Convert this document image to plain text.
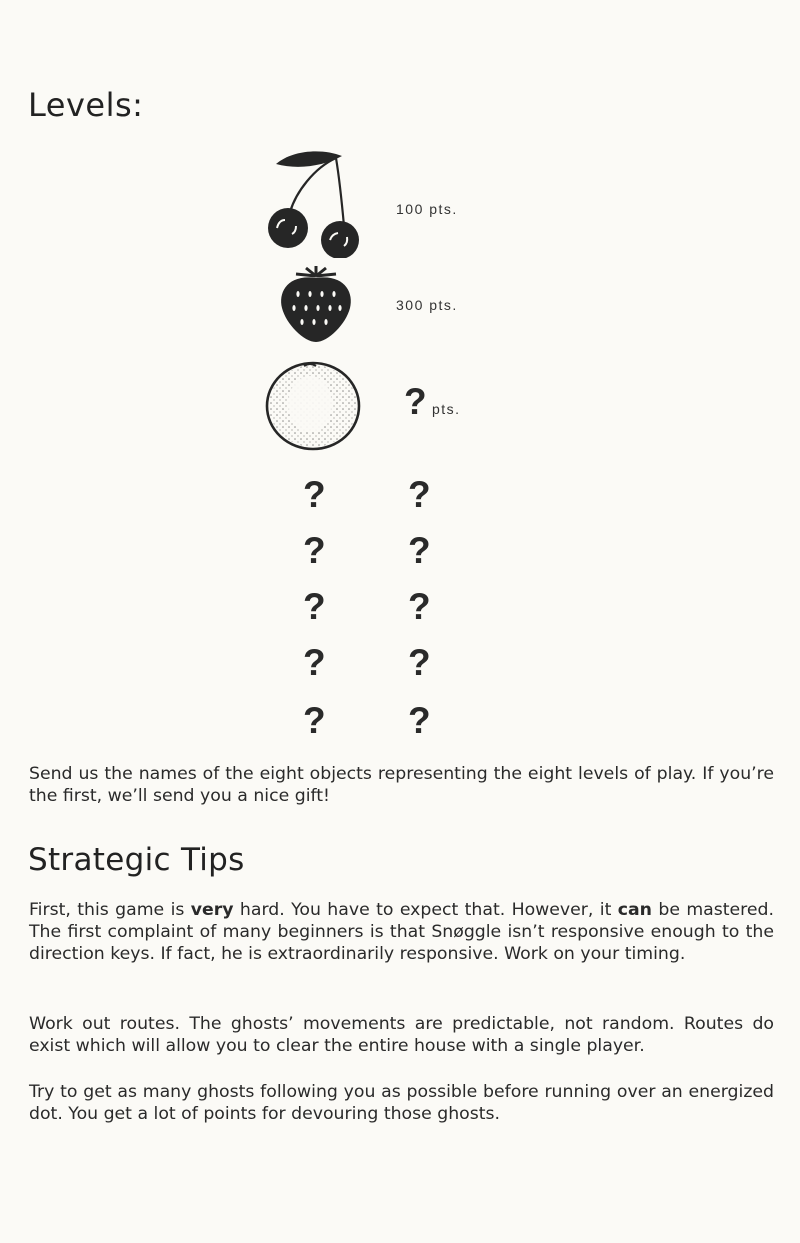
Levels:
100 pts.
300 pts.
? pts.
? ?
? ?
? ?
? ?
? ?

Send us the names of the eight objects representing the eight levels of play. If you’re the first, we’ll send you a nice gift!

Strategic Tips

First, this game is very hard. You have to expect that. However, it can be mastered. The first complaint of many beginners is that Snøggle isn’t responsive enough to the direction keys. If fact, he is extraordinarily responsive. Work on your timing.

Work out routes. The ghosts’ movements are predictable, not random. Routes do exist which will allow you to clear the entire house with a single player.

Try to get as many ghosts following you as possible before running over an energized dot. You get a lot of points for devouring those ghosts.
